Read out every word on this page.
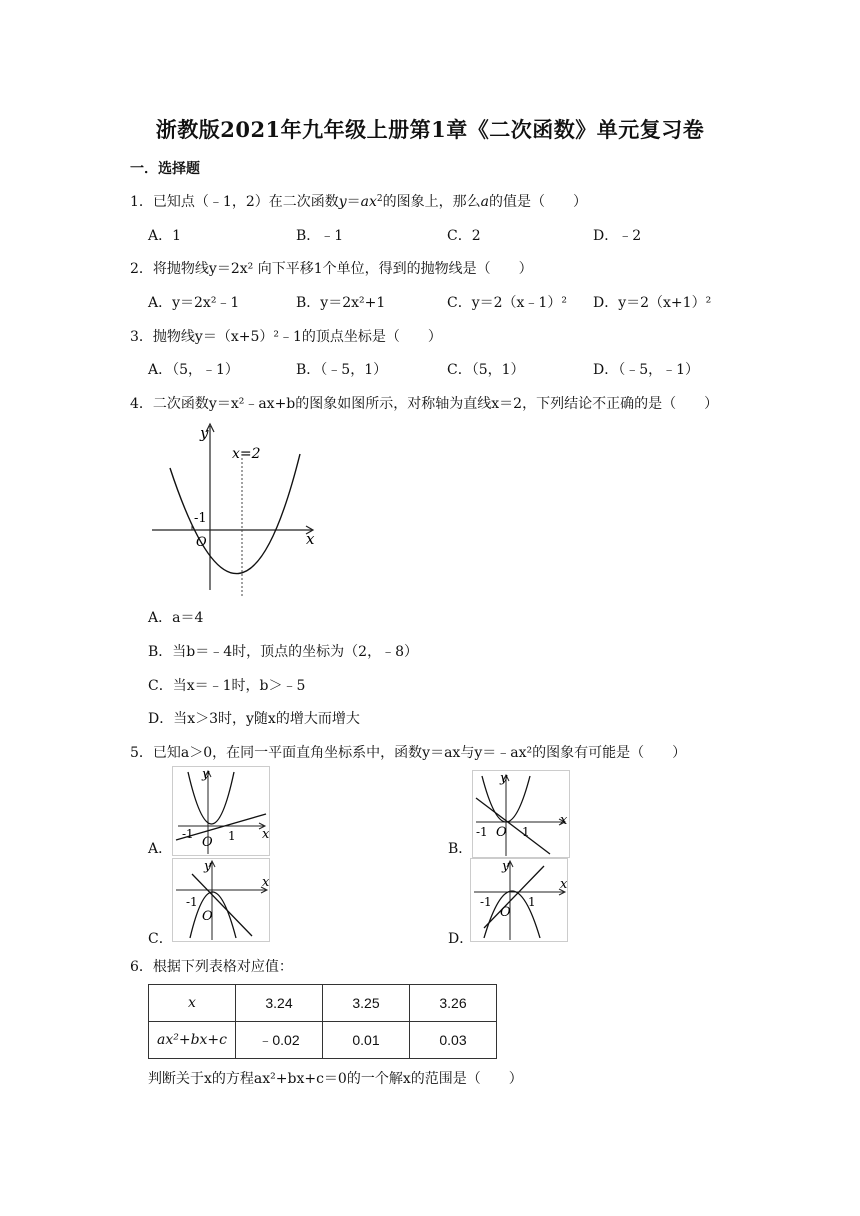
浙教版2021年九年级上册第1章《二次函数》单元复习卷
一．选择题
1．已知点（﹣1，2）在二次函数$y=ax^2$的图象上，那么a的值是（　　）
A．1	B．﹣1	C．2	D．﹣2
2．将抛物线y＝2x² 向下平移1个单位，得到的抛物线是（　　）
A．y＝2x²﹣1	B．y＝2x²+1	C．y＝2（x﹣1）² D．y＝2（x+1）²
3．抛物线y＝（x+5）²﹣1的顶点坐标是（　　）
A．（5，﹣1）	B．（﹣5，1）	C．（5，1）	D．（﹣5，﹣1）
4．二次函数y＝x²﹣ax+b的图象如图所示，对称轴为直线x＝2，下列结论不正确的是（　　）
y
x
x=2
-1
O
A．a＝4
B．当b＝﹣4时，顶点的坐标为（2，﹣8）
C．当x＝﹣1时，b＞﹣5
D．当x＞3时，y随x的增大而增大
5．已知a＞0，在同一平面直角坐标系中，函数y＝ax与y＝﹣ax²的图象有可能是（　　）
A．
y
x
-1	1
O	B．
y
x
-1	1
O
C．
y
x
-1
O
D．
y
x
-1	1
O
6．根据下列表格对应值：
x	3.24	3.25	3.26
ax²+bx+c	﹣0.02	0.01	0.03
判断关于x的方程ax²+bx+c＝0的一个解x的范围是（　　）
